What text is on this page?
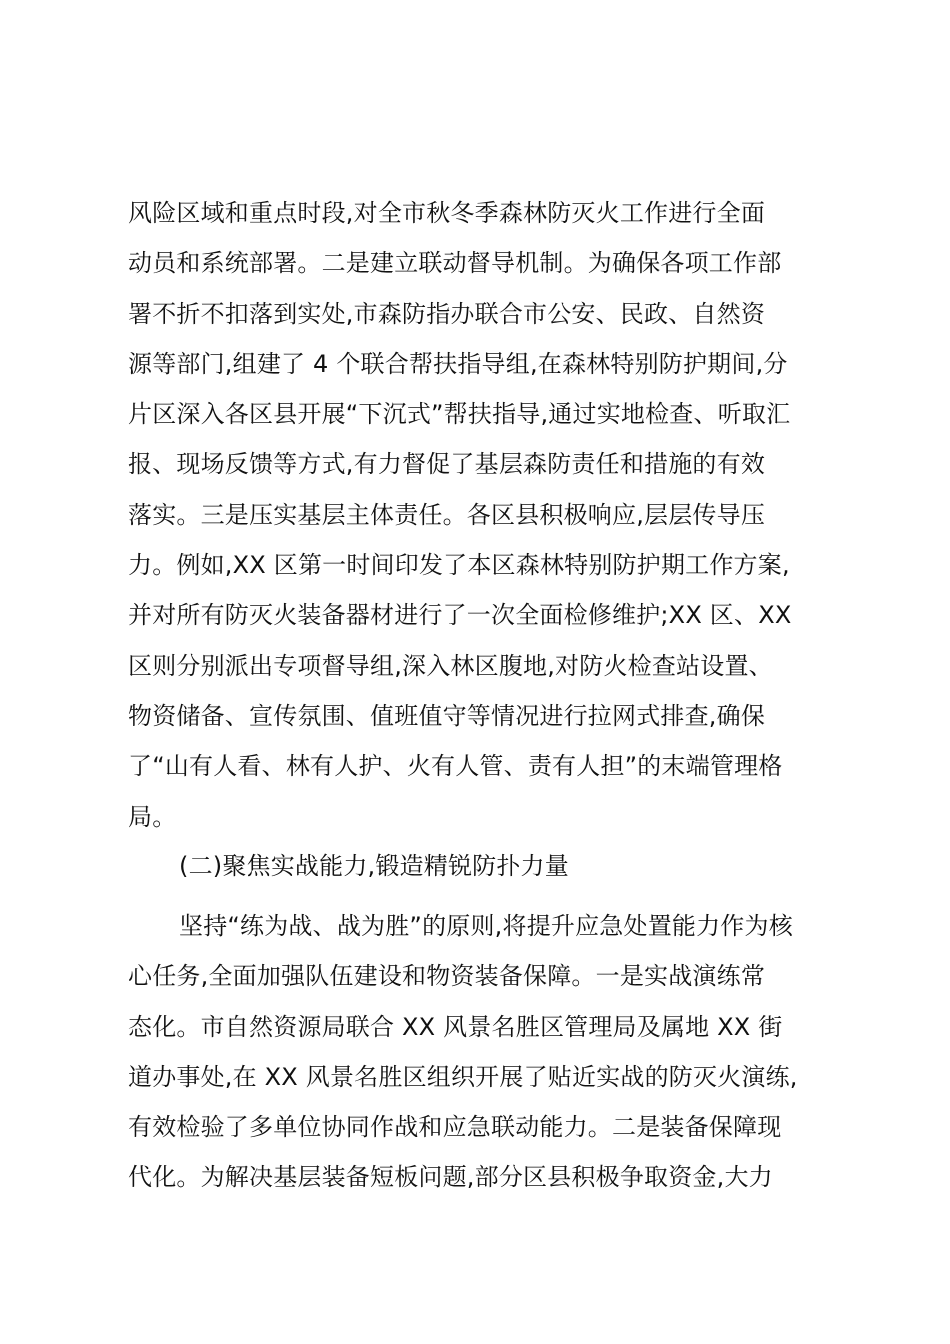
风险区域和重点时段,对全市秋冬季森林防灭火工作进行全面
动员和系统部署。二是建立联动督导机制。为确保各项工作部
署不折不扣落到实处,市森防指办联合市公安、民政、自然资
源等部门,组建了 4 个联合帮扶指导组,在森林特别防护期间,分
片区深入各区县开展“下沉式”帮扶指导,通过实地检查、听取汇
报、现场反馈等方式,有力督促了基层森防责任和措施的有效
落实。三是压实基层主体责任。各区县积极响应,层层传导压
力。例如,XX 区第一时间印发了本区森林特别防护期工作方案,
并对所有防灭火装备器材进行了一次全面检修维护;XX 区、XX
区则分别派出专项督导组,深入林区腹地,对防火检查站设置、
物资储备、宣传氛围、值班值守等情况进行拉网式排查,确保
了“山有人看、林有人护、火有人管、责有人担”的末端管理格
局。
(二)聚焦实战能力,锻造精锐防扑力量
坚持“练为战、战为胜”的原则,将提升应急处置能力作为核
心任务,全面加强队伍建设和物资装备保障。一是实战演练常
态化。市自然资源局联合 XX 风景名胜区管理局及属地 XX 街
道办事处,在 XX 风景名胜区组织开展了贴近实战的防灭火演练,
有效检验了多单位协同作战和应急联动能力。二是装备保障现
代化。为解决基层装备短板问题,部分区县积极争取资金,大力
